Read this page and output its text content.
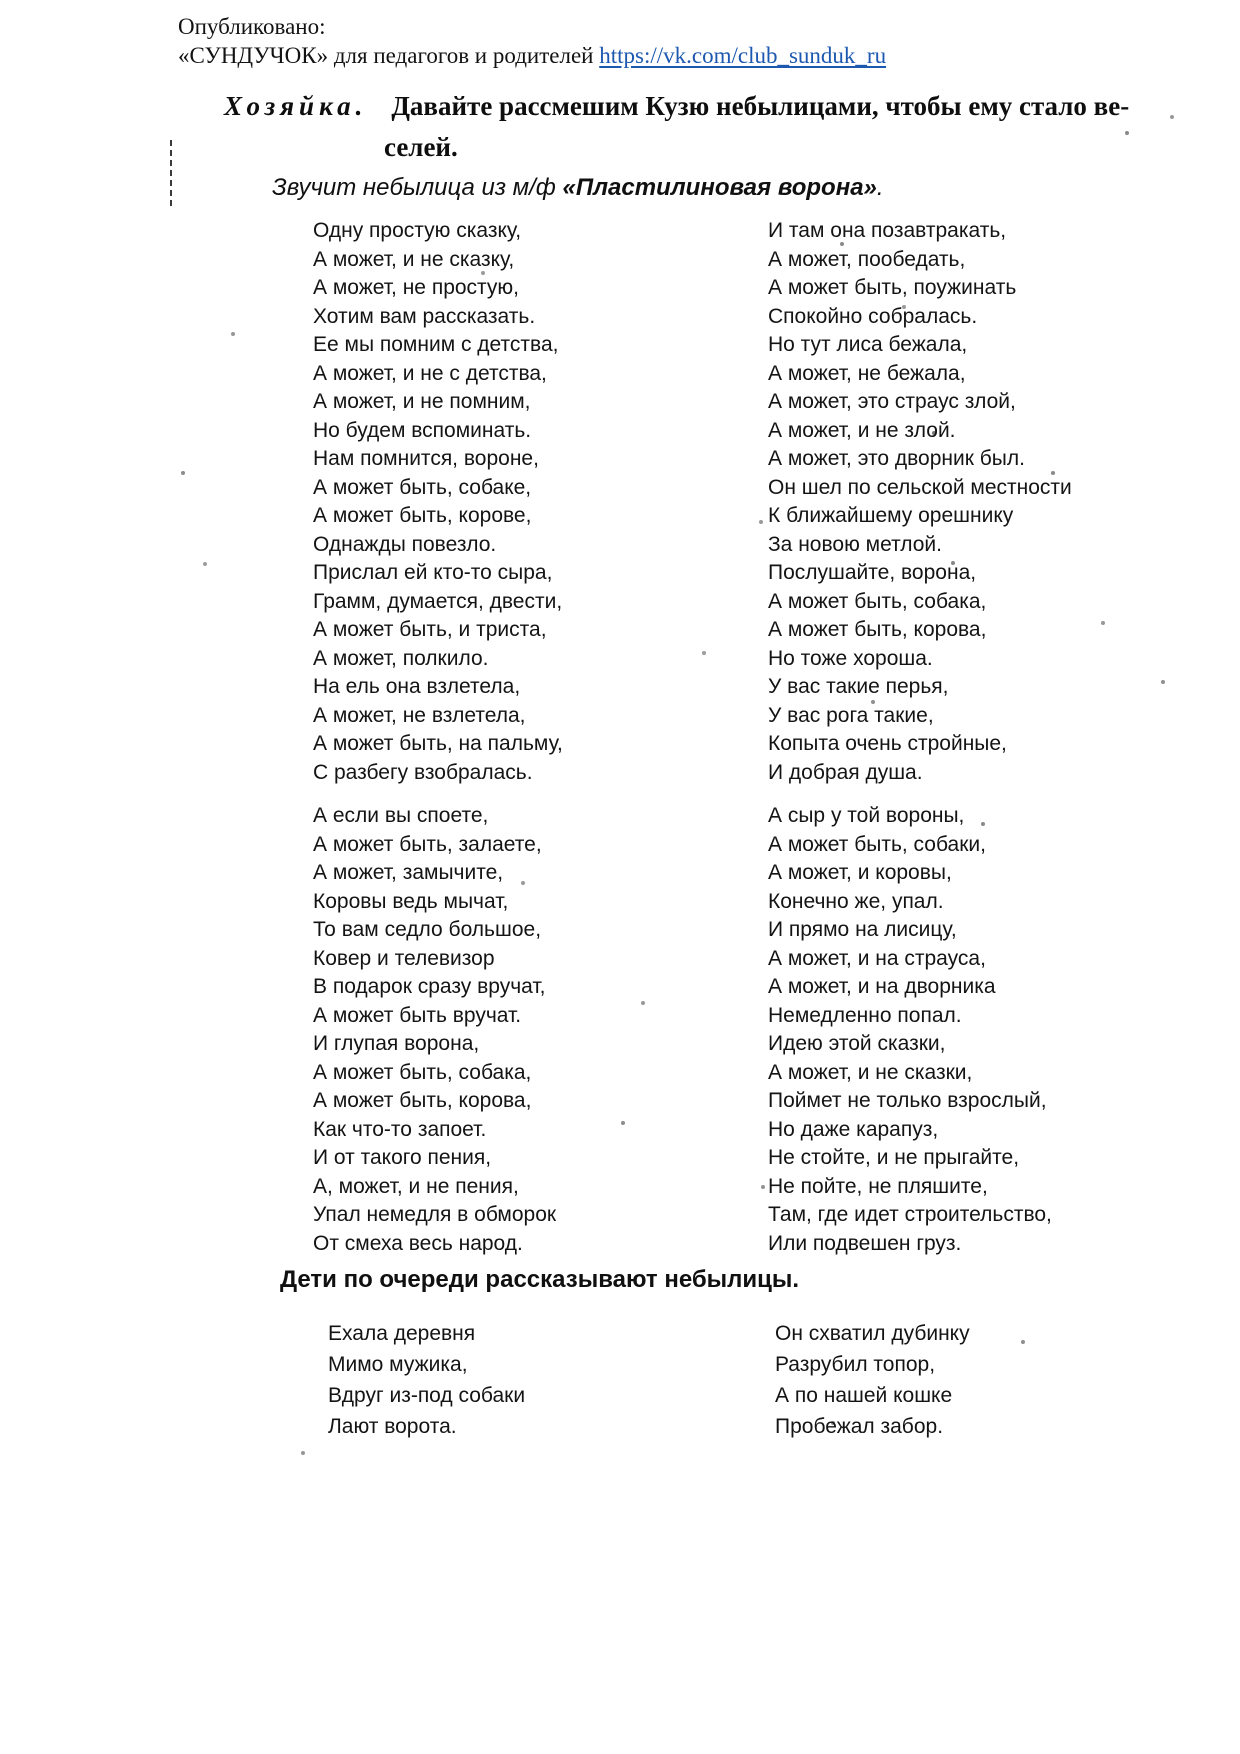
Опубликовано:
«СУНДУЧОК» для педагогов и родителей https://vk.com/club_sunduk_ru
Хозяйка. Давайте рассмешим Кузю небылицами, чтобы ему стало ве-
селей.
Звучит небылица из м/ф «Пластилиновая ворона».
Одну простую сказку,
А может, и не сказку,
А может, не простую,
Хотим вам рассказать.
Ее мы помним с детства,
А может, и не с детства,
А может, и не помним,
Но будем вспоминать.
Нам помнится, вороне,
А может быть, собаке,
А может быть, корове,
Однажды повезло.
Прислал ей кто-то сыра,
Грамм, думается, двести,
А может быть, и триста,
А может, полкило.
На ель она взлетела,
А может, не взлетела,
А может быть, на пальму,
С разбегу взобралась.
А если вы споете,
А может быть, залаете,
А может, замычите,
Коровы ведь мычат,
То вам седло большое,
Ковер и телевизор
В подарок сразу вручат,
А может быть вручат.
И глупая ворона,
А может быть, собака,
А может быть, корова,
Как что-то запоет.
И от такого пения,
А, может, и не пения,
Упал немедля в обморок
От смеха весь народ.
И там она позавтракать,
А может, пообедать,
А может быть, поужинать
Спокойно собралась.
Но тут лиса бежала,
А может, не бежала,
А может, это страус злой,
А может, и не злой.
А может, это дворник был.
Он шел по сельской местности
К ближайшему орешнику
За новою метлой.
Послушайте, ворона,
А может быть, собака,
А может быть, корова,
Но тоже хороша.
У вас такие перья,
У вас рога такие,
Копыта очень стройные,
И добрая душа.
А сыр у той вороны,
А может быть, собаки,
А может, и коровы,
Конечно же, упал.
И прямо на лисицу,
А может, и на страуса,
А может, и на дворника
Немедленно попал.
Идею этой сказки,
А может, и не сказки,
Поймет не только взрослый,
Но даже карапуз,
Не стойте, и не прыгайте,
Не пойте, не пляшите,
Там, где идет строительство,
Или подвешен груз.
Дети по очереди рассказывают небылицы.
Ехала деревня
Мимо мужика,
Вдруг из-под собаки
Лают ворота.
Он схватил дубинку
Разрубил топор,
А по нашей кошке
Пробежал забор.
